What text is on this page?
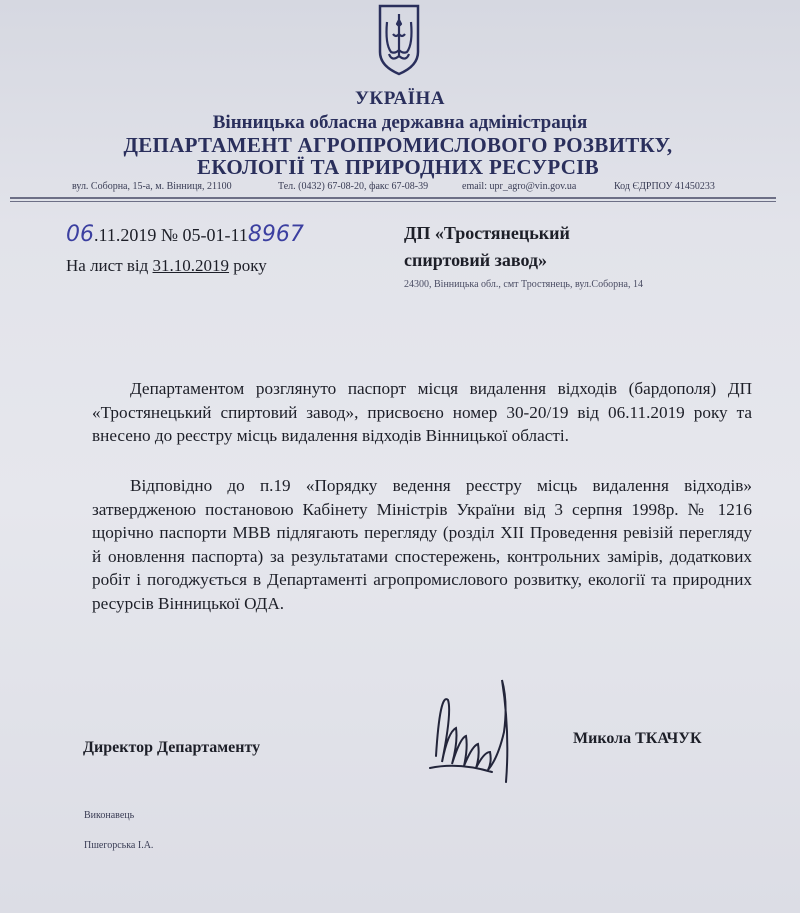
УКРАЇНА
Вінницька обласна державна адміністрація
ДЕПАРТАМЕНТ АГРОПРОМИСЛОВОГО РОЗВИТКУ,
ЕКОЛОГІЇ ТА ПРИРОДНИХ РЕСУРСІВ
вул. Соборна, 15-а, м. Вінниця, 21100	Тел. (0432) 67-08-20, факс 67-08-39	email: upr_agro@vin.gov.ua	Код ЄДРПОУ 41450233
06.11.2019 № 05-01-118967
На лист від 31.10.2019 року
ДП «Тростянецький
спиртовий завод»
24300, Вінницька обл., смт Тростянець, вул.Соборна, 14
Департаментом розглянуто паспорт місця видалення відходів (бардополя) ДП «Тростянецький спиртовий завод», присвоєно номер 30-20/19 від 06.11.2019 року та внесено до реєстру місць видалення відходів Вінницької області.
Відповідно до п.19 «Порядку ведення реєстру місць видалення відходів» затвердженою постановою Кабінету Міністрів України від 3 серпня 1998р. № 1216 щорічно паспорти МВВ підлягають перегляду (розділ XII Проведення ревізій перегляду й оновлення паспорта) за результатами спостережень, контрольних замірів, додаткових робіт і погоджується в Департаменті агропромислового розвитку, екології та природних ресурсів Вінницької ОДА.
Директор Департаменту
Микола ТКАЧУК
Виконавець
Пшегорська І.А.
